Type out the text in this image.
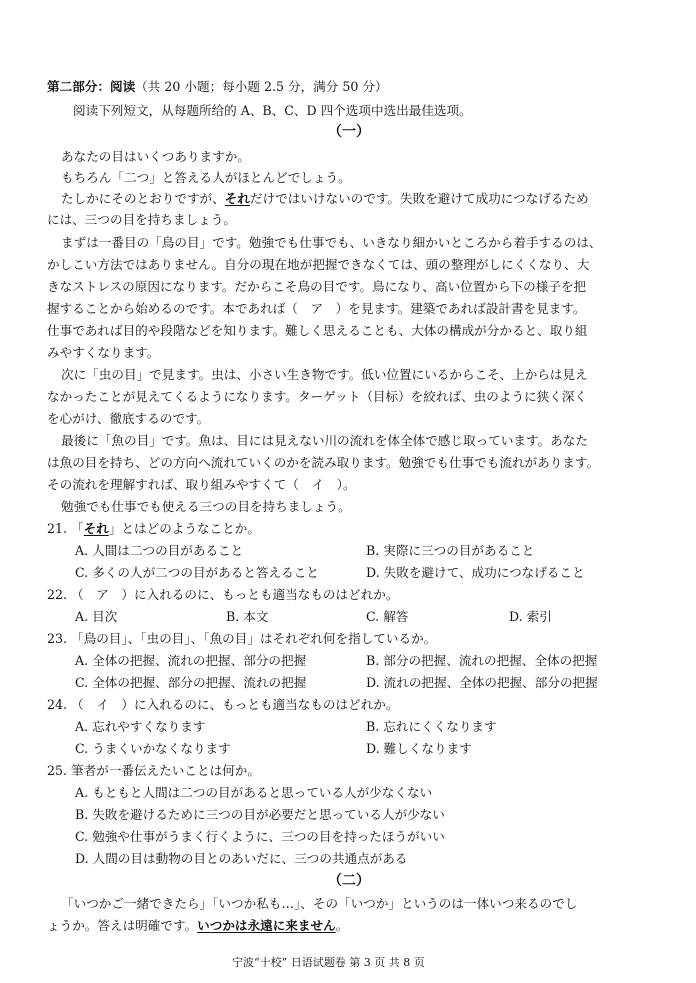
第二部分：阅读（共 20 小题；每小题 2.5 分，满分 50 分）
阅读下列短文，从每题所给的 A、B、C、D 四个选项中选出最佳选项。
（一）
あなたの目はいくつありますか。
もちろん「二つ」と答える人がほとんどでしょう。
たしかにそのとおりですが、それだけではいけないのです。失敗を避けて成功につなげるため
には、三つの目を持ちましょう。
まずは一番目の「鳥の目」です。勉強でも仕事でも、いきなり細かいところから着手するのは、
かしこい方法ではありません。自分の現在地が把握できなくては、頭の整理がしにくくなり、大
きなストレスの原因になります。だからこそ鳥の目です。鳥になり、高い位置から下の様子を把
握することから始めるのです。本であれば（　ア　）を見ます。建築であれば設計書を見ます。
仕事であれば目的や段階などを知ります。難しく思えることも、大体の構成が分かると、取り組
みやすくなります。
次に「虫の目」で見ます。虫は、小さい生き物です。低い位置にいるからこそ、上からは見え
なかったことが見えてくるようになります。ターゲット（目标）を絞れば、虫のように狭く深く
を心がけ、徹底するのです。
最後に「魚の目」です。魚は、目には見えない川の流れを体全体で感じ取っています。あなた
は魚の目を持ち、どの方向へ流れていくのかを読み取ります。勉強でも仕事でも流れがあります。
その流れを理解すれば、取り組みやすくて（　イ　）。
勉強でも仕事でも使える三つの目を持ちましょう。
21. 「それ」とはどのようなことか。
A. 人間は二つの目があること	B. 実際に三つの目があること
C. 多くの人が二つの目があると答えること	D. 失敗を避けて、成功につなげること
22. （　ア　）に入れるのに、もっとも適当なものはどれか。
A. 目次	B. 本文	C. 解答	D. 索引
23. 「鳥の目」、「虫の目」、「魚の目」はそれぞれ何を指しているか。
A. 全体の把握、流れの把握、部分の把握	B. 部分の把握、流れの把握、全体の把握
C. 全体の把握、部分の把握、流れの把握	D. 流れの把握、全体の把握、部分の把握
24. （　イ　）に入れるのに、もっとも適当なものはどれか。
A. 忘れやすくなります	B. 忘れにくくなります
C. うまくいかなくなります	D. 難しくなります
25. 筆者が一番伝えたいことは何か。
A. もともと人間は二つの目があると思っている人が少なくない
B. 失敗を避けるために三つの目が必要だと思っている人が少ない
C. 勉強や仕事がうまく行くように、三つの目を持ったほうがいい
D. 人間の目は動物の目とのあいだに、三つの共通点がある
（二）
「いつかご一緒できたら」「いつか私も…」、その「いつか」というのは一体いつ来るのでし
ょうか。答えは明確です。いつかは永遠に来ません。
宁波“十校” 日语试题卷 第 3 页 共 8 页
